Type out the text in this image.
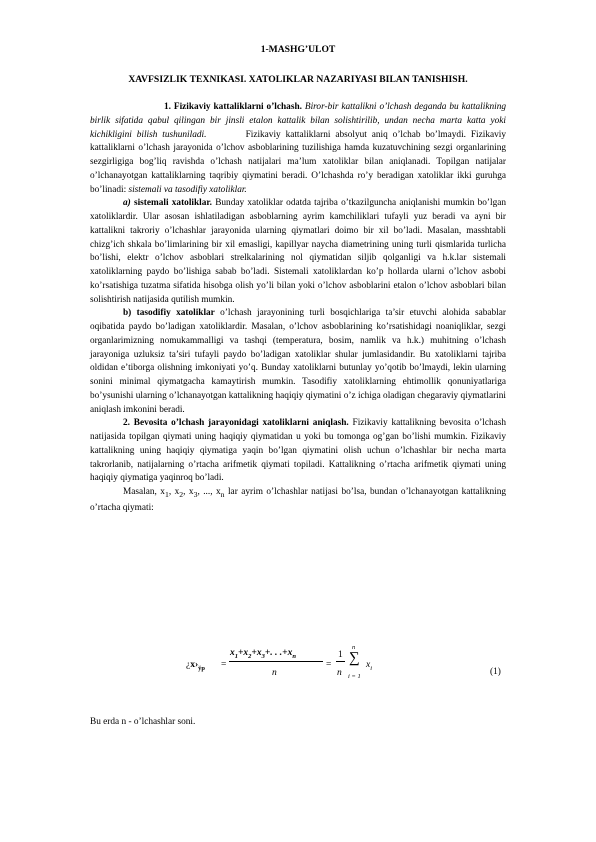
1-MASHG’ULOT
XAVFSIZLIK TEXNIKASI. XATOLIKLAR NAZARIYASI BILAN TANISHISH.

1. Fizikaviy kattaliklarni o’lchash. Biror-bir kattalikni o’lchash deganda bu kattalikning birlik sifatida qabul qilingan bir jinsli etalon kattalik bilan solishtirilib, undan necha marta katta yoki kichikligini bilish tushuniladi.	Fizikaviy kattaliklarni absolyut aniq o’lchab bo’lmaydi. Fizikaviy kattaliklarni o’lchash jarayonida o’lchov asboblarining tuzilishiga hamda kuzatuvchining sezgi organlarining sezgirligiga bog’liq ravishda o’lchash natijalari ma’lum xatoliklar bilan aniqlanadi. Topilgan natijalar o’lchanayotgan kattaliklarning taqribiy qiymatini beradi. O’lchashda ro’y beradigan xatoliklar ikki guruhga bo’linadi: sistemali va tasodifiy xatoliklar.

a) sistemali xatoliklar. Bunday xatoliklar odatda tajriba o’tkazilguncha aniqlanishi mumkin bo’lgan xatoliklardir. Ular asosan ishlatiladigan asboblarning ayrim kamchiliklari tufayli yuz beradi va ayni bir kattalikni takroriy o’lchashlar jarayonida ularning qiymatlari doimo bir xil bo’ladi. Masalan, masshtabli chizg’ich shkala bo’limlarining bir xil emasligi, kapillyar naycha diametrining uning turli qismlarida turlicha bo’lishi, elektr o’lchov asboblari strelkalarining nol qiymatidan siljib qolganligi va h.k.lar sistemali xatoliklarning paydo bo’lishiga sabab bo’ladi. Sistemali xatoliklardan ko’p hollarda ularni o’lchov asbobi ko’rsatishiga tuzatma sifatida hisobga olish yo’li bilan yoki o’lchov asboblarini etalon o’lchov asboblari bilan solishtirish natijasida qutilish mumkin.

b) tasodifiy xatoliklar o’lchash jarayonining turli bosqichlariga ta’sir etuvchi alohida sabablar oqibatida paydo bo’ladigan xatoliklardir. Masalan, o’lchov asboblarining ko’rsatishidagi noaniqliklar, sezgi organlarimizning nomukammalligi va tashqi (temperatura, bosim, namlik va h.k.) muhitning o’lchash jarayoniga uzluksiz ta’siri tufayli paydo bo’ladigan xatoliklar shular jumlasidandir. Bu xatoliklarni tajriba oldidan e’tiborga olishning imkoniyati yo’q. Bunday xatoliklarni butunlay yo’qotib bo’lmaydi, lekin ularning sonini minimal qiymatgacha kamaytirish mumkin. Tasodifiy xatoliklarning ehtimollik qonuniyatlariga bo’ysunishi ularning o’lchanayotgan kattalikning haqiqiy qiymatini o’z ichiga oladigan chegaraviy qiymatlarini aniqlash imkonini beradi.

2. Bevosita o’lchash jarayonidagi xatoliklarni aniqlash. Fizikaviy kattalikning bevosita o’lchash natijasida topilgan qiymati uning haqiqiy qiymatidan u yoki bu tomonga og’gan bo’lishi mumkin. Fizikaviy kattalikning uning haqiqiy qiymatiga yaqin bo’lgan qiymatini olish uchun o’lchashlar bir necha marta takrorlanib, natijalarning o’rtacha arifmetik qiymati topiladi. Kattalikning o’rtacha arifmetik qiymati uning haqiqiy qiymatiga yaqinroq bo’ladi.

Masalan, $x_1$, $x_2$, $x_3$, ..., $x_n$ lar ayrim o’lchashlar natijasi bo’lsa, bundan o’lchanayotgan kattalikning o’rtacha qiymati:

¿$x›_{ўр}$ =
$x_1+x_2+x_3+$. . $.+x_n$
n
=
1
n
n
∑
i = 1
$x_i$	(1)
Bu erda n - o’lchashlar soni.
